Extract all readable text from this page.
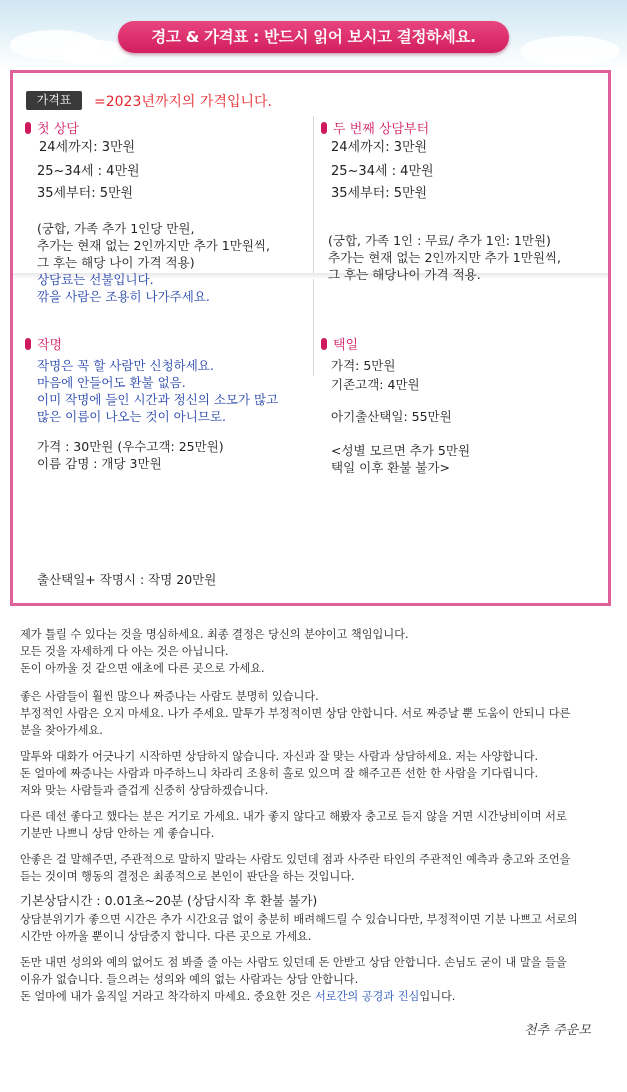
경고 & 가격표 : 반드시 읽어 보시고 결정하세요.
가격표	=2023년까지의 가격입니다.
첫 상담
24세까지: 3만원
25~34세 : 4만원
35세부터: 5만원
(궁합, 가족 추가 1인당 만원,
추가는 현재 없는 2인까지만 추가 1만원씩,
그 후는 해당 나이 가격 적용)
상담료는 선불입니다.
깎을 사람은 조용히 나가주세요.
두 번째 상담부터
24세까지: 3만원
25~34세 : 4만원
35세부터: 5만원
(궁합, 가족 1인 : 무료/ 추가 1인: 1만원)
추가는 현재 없는 2인까지만 추가 1만원씩,
그 후는 해당나이 가격 적용.
작명
작명은 꼭 할 사람만 신청하세요.
마음에 안들어도 환불 없음.
이미 작명에 들인 시간과 정신의 소모가 많고
많은 이름이 나오는 것이 아니므로.
가격 : 30만원 (우수고객: 25만원)
이름 감명 : 개당 3만원
출산택일+ 작명시 : 작명 20만원
택일
가격: 5만원
기존고객: 4만원
아기출산택일: 55만원
<성별 모르면 추가 5만원
택일 이후 환불 불가>

제가 틀릴 수 있다는 것을 명심하세요. 최종 결정은 당신의 분야이고 책임입니다.

모든 것을 자세하게 다 아는 것은 아닙니다.

돈이 아까울 것 같으면 애초에 다른 곳으로 가세요.

좋은 사람들이 훨씬 많으나 짜증나는 사람도 분명히 있습니다.

부정적인 사람은 오지 마세요. 나가 주세요. 말투가 부정적이면 상담 안합니다. 서로 짜증날 뿐 도움이 안되니 다른

분을 찾아가세요.

말투와 대화가 어긋나기 시작하면 상담하지 않습니다. 자신과 잘 맞는 사람과 상담하세요. 저는 사양합니다.

돈 얼마에 짜증나는 사람과 마주하느니 차라리 조용히 홀로 있으며 잘 해주고픈 선한 한 사람을 기다립니다.

저와 맞는 사람들과 즐겁게 신중히 상담하겠습니다.

다른 데선 좋다고 했다는 분은 거기로 가세요. 내가 좋지 않다고 해봤자 충고로 듣지 않을 거면 시간낭비이며 서로

기분만 나쁘니 상담 안하는 게 좋습니다.

안좋은 걸 말해주면, 주관적으로 말하지 말라는 사람도 있던데 점과 사주란 타인의 주관적인 예측과 충고와 조언을

듣는 것이며 행동의 결정은 최종적으로 본인이 판단을 하는 것입니다.

기본상담시간 : 0.01초~20분 (상담시작 후 환불 불가)

상담분위기가 좋으면 시간은 추가 시간요금 없이 충분히 배려해드릴 수 있습니다만, 부정적이면 기분 나쁘고 서로의

시간만 아까울 뿐이니 상담중지 합니다. 다른 곳으로 가세요.

돈만 내면 성의와 예의 없어도 점 봐줄 줄 아는 사람도 있던데 돈 안받고 상담 안합니다. 손님도 굳이 내 말을 들을

이유가 없습니다. 들으려는 성의와 예의 없는 사람과는 상담 안합니다.

돈 얼마에 내가 움직일 거라고 착각하지 마세요. 중요한 것은 서로간의 공경과 진심입니다.

천추 주운모
